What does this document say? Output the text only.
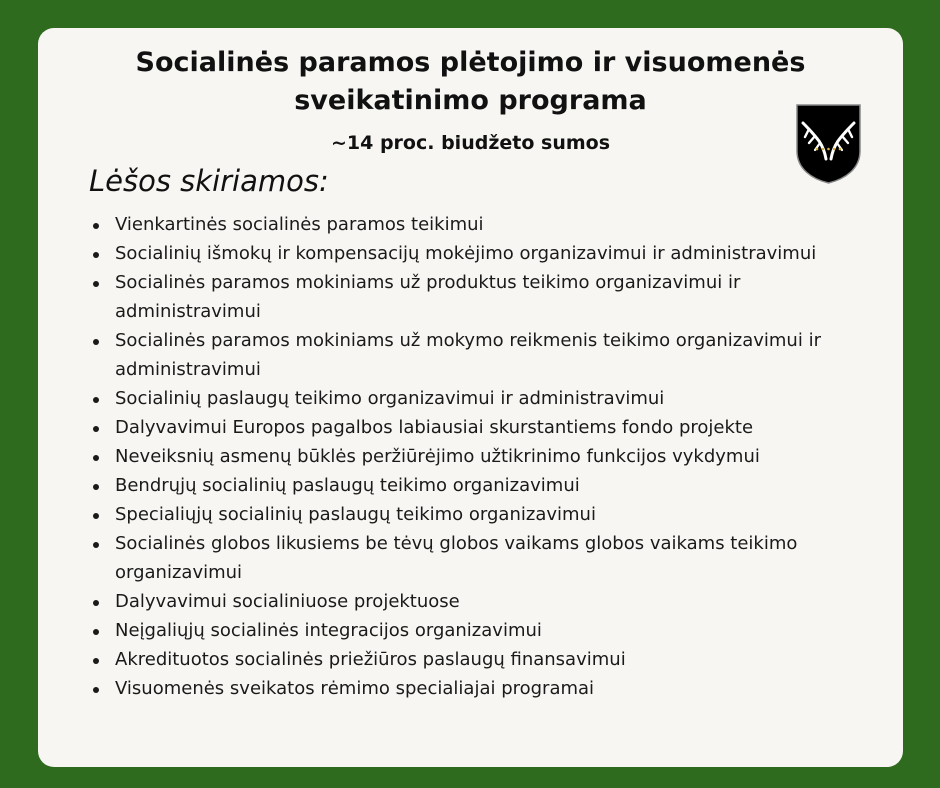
Socialinės paramos plėtojimo ir visuomenės
sveikatinimo programa
~14 proc. biudžeto sumos
Lėšos skiriamos:
Vienkartinės socialinės paramos teikimui
Socialinių išmokų ir kompensacijų mokėjimo organizavimui ir administravimui
Socialinės paramos mokiniams už produktus teikimo organizavimui ir administravimui
Socialinės paramos mokiniams už mokymo reikmenis teikimo organizavimui ir administravimui
Socialinių paslaugų teikimo organizavimui ir administravimui
Dalyvavimui Europos pagalbos labiausiai skurstantiems fondo projekte
Neveiksnių asmenų būklės peržiūrėjimo užtikrinimo funkcijos vykdymui
Bendrųjų socialinių paslaugų teikimo organizavimui
Specialiųjų socialinių paslaugų teikimo organizavimui
Socialinės globos likusiems be tėvų globos vaikams globos vaikams teikimo organizavimui
Dalyvavimui socialiniuose projektuose
Neįgaliųjų socialinės integracijos organizavimui
Akredituotos socialinės priežiūros paslaugų finansavimui
Visuomenės sveikatos rėmimo specialiajai programai
